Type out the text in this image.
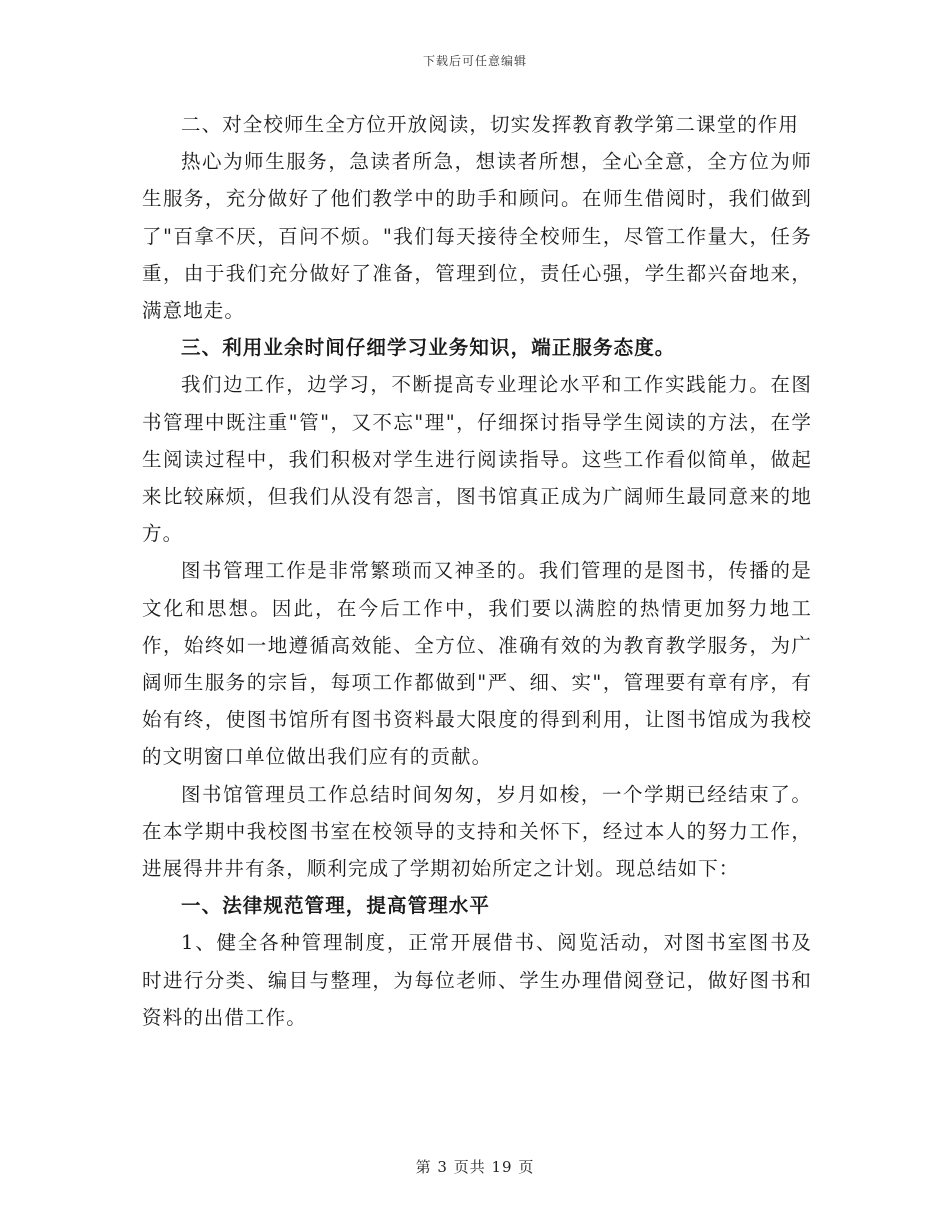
下载后可任意编辑

二、对全校师生全方位开放阅读，切实发挥教育教学第二课堂的作用

热心为师生服务，急读者所急，想读者所想，全心全意，全方位为师生服务，充分做好了他们教学中的助手和顾问。在师生借阅时，我们做到了"百拿不厌，百问不烦。"我们每天接待全校师生，尽管工作量大，任务重，由于我们充分做好了准备，管理到位，责任心强，学生都兴奋地来，满意地走。

三、利用业余时间仔细学习业务知识，端正服务态度。

我们边工作，边学习，不断提高专业理论水平和工作实践能力。在图书管理中既注重"管"，又不忘"理"，仔细探讨指导学生阅读的方法，在学生阅读过程中，我们积极对学生进行阅读指导。这些工作看似简单，做起来比较麻烦，但我们从没有怨言，图书馆真正成为广阔师生最同意来的地方。

图书管理工作是非常繁琐而又神圣的。我们管理的是图书，传播的是文化和思想。因此，在今后工作中，我们要以满腔的热情更加努力地工作，始终如一地遵循高效能、全方位、准确有效的为教育教学服务，为广阔师生服务的宗旨，每项工作都做到"严、细、实"，管理要有章有序，有始有终，使图书馆所有图书资料最大限度的得到利用，让图书馆成为我校的文明窗口单位做出我们应有的贡献。

图书馆管理员工作总结时间匆匆，岁月如梭，一个学期已经结束了。在本学期中我校图书室在校领导的支持和关怀下，经过本人的努力工作，进展得井井有条，顺利完成了学期初始所定之计划。现总结如下：

一、法律规范管理，提高管理水平

1、健全各种管理制度，正常开展借书、阅览活动，对图书室图书及时进行分类、编目与整理，为每位老师、学生办理借阅登记，做好图书和资料的出借工作。

第 3 页共 19 页
